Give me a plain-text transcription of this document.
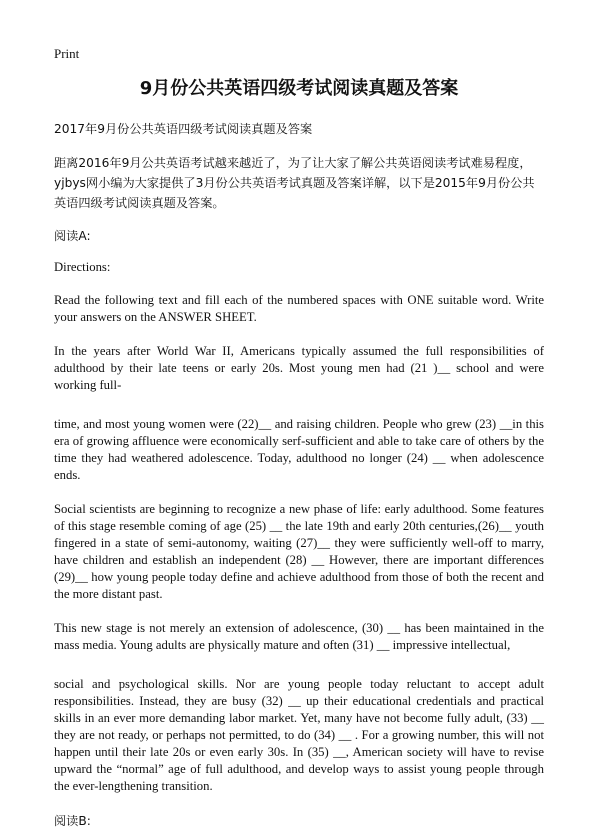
Print
9月份公共英语四级考试阅读真题及答案
2017年9月份公共英语四级考试阅读真题及答案
距离2016年9月公共英语考试越来越近了，为了让大家了解公共英语阅读考试难易程度，yjbys网小编为大家提供了3月份公共英语考试真题及答案详解，以下是2015年9月份公共英语四级考试阅读真题及答案。
阅读A:
Directions:
Read the following text and fill each of the numbered spaces with ONE suitable word. Write your answers on the ANSWER SHEET.
In the years after World War II, Americans typically assumed the full responsibilities of adulthood by their late teens or early 20s. Most young men had (21 )__ school and were working full-
time, and most young women were (22)__ and raising children. People who grew (23) __in this era of growing affluence were economically serf-sufficient and able to take care of others by the time they had weathered adolescence. Today, adulthood no longer (24) __ when adolescence ends.
Social scientists are beginning to recognize a new phase of life: early adulthood. Some features of this stage resemble coming of age (25) __ the late 19th and early 20th centuries,(26)__ youth fingered in a state of semi-autonomy, waiting (27)__ they were sufficiently well-off to marry, have children and establish an independent (28) __ However, there are important differences (29)__ how young people today define and achieve adulthood from those of both the recent and the more distant past.
This new stage is not merely an extension of adolescence, (30) __ has been maintained in the mass media. Young adults are physically mature and often (31) __ impressive intellectual,
social and psychological skills. Nor are young people today reluctant to accept adult responsibilities. Instead, they are busy (32) __ up their educational credentials and practical skills in an ever more demanding labor market. Yet, many have not become fully adult, (33) __ they are not ready, or perhaps not permitted, to do (34) __ . For a growing number, this will not happen until their late 20s or even early 30s. In (35) __, American society will have to revise upward the “normal” age of full adulthood, and develop ways to assist young people through the ever-lengthening transition.
阅读B:
